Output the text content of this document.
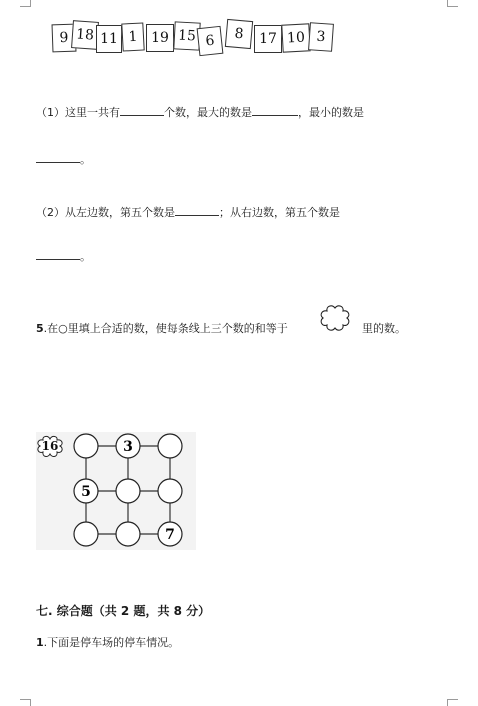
9 18 11 1 19 15 6	8	17 10 3
（1）这里一共有	个数，最大的数是	，最小的数是
。
（2）从左边数，第五个数是	；从右边数，第五个数是
。
5.在○里填上合适的数，使每条线上三个数的和等于	里的数。
16	3
5
7
七. 综合题（共 2 题，共 8 分）
1.下面是停车场的停车情况。
